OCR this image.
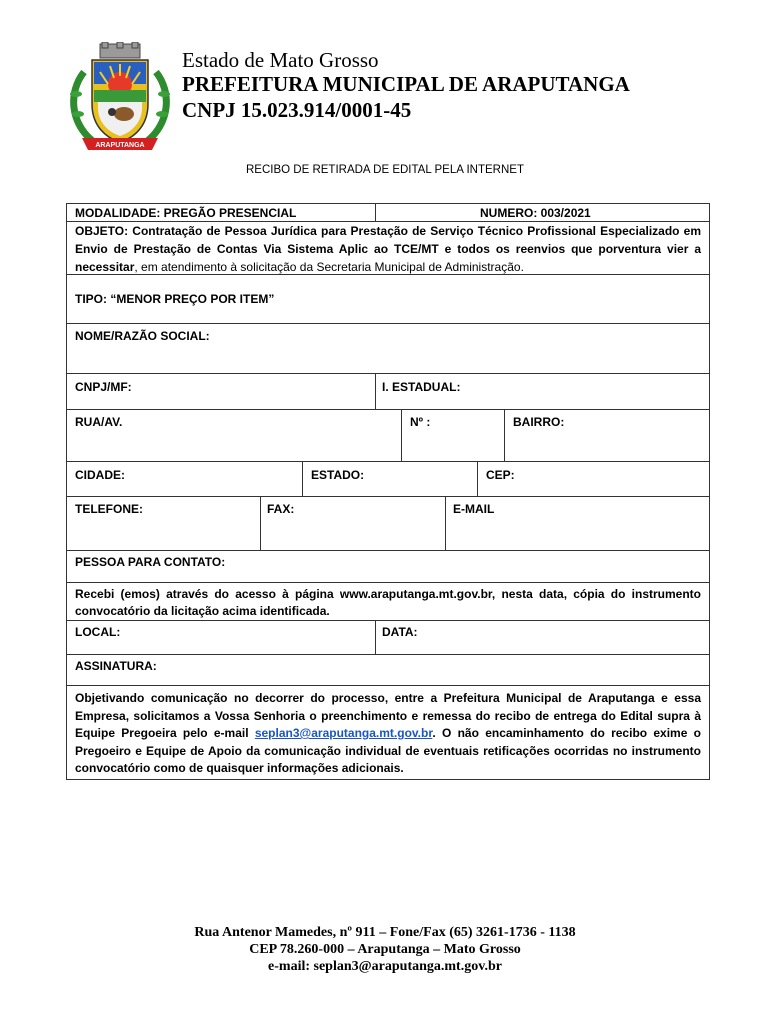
ARAPUTANGA
Estado de Mato Grosso
PREFEITURA MUNICIPAL DE ARAPUTANGA
CNPJ 15.023.914/0001-45
RECIBO DE RETIRADA DE EDITAL PELA INTERNET
MODALIDADE: PREGÃO PRESENCIAL	NUMERO: 003/2021
OBJETO: Contratação de Pessoa Jurídica para Prestação de Serviço Técnico Profissional Especializado em Envio de Prestação de Contas Via Sistema Aplic ao TCE/MT e todos os reenvios que porventura vier a necessitar, em atendimento à solicitação da Secretaria Municipal de Administração.
TIPO: “MENOR PREÇO POR ITEM”
NOME/RAZÃO SOCIAL:
CNPJ/MF:	I. ESTADUAL:
RUA/AV.	Nº :	BAIRRO:
CIDADE:	ESTADO:	CEP:
TELEFONE:	FAX:	E-MAIL
PESSOA PARA CONTATO:
Recebi (emos) através do acesso à página www.araputanga.mt.gov.br, nesta data, cópia do instrumento convocatório da licitação acima identificada.
LOCAL:	DATA:
ASSINATURA:
Objetivando comunicação no decorrer do processo, entre a Prefeitura Municipal de Araputanga e essa Empresa, solicitamos a Vossa Senhoria o preenchimento e remessa do recibo de entrega do Edital supra à Equipe Pregoeira pelo e-mail seplan3@araputanga.mt.gov.br. O não encaminhamento do recibo exime o Pregoeiro e Equipe de Apoio da comunicação individual de eventuais retificações ocorridas no instrumento convocatório como de quaisquer informações adicionais.
Rua Antenor Mamedes, nº 911 – Fone/Fax (65) 3261-1736 - 1138
CEP 78.260-000 – Araputanga – Mato Grosso
e-mail: seplan3@araputanga.mt.gov.br
